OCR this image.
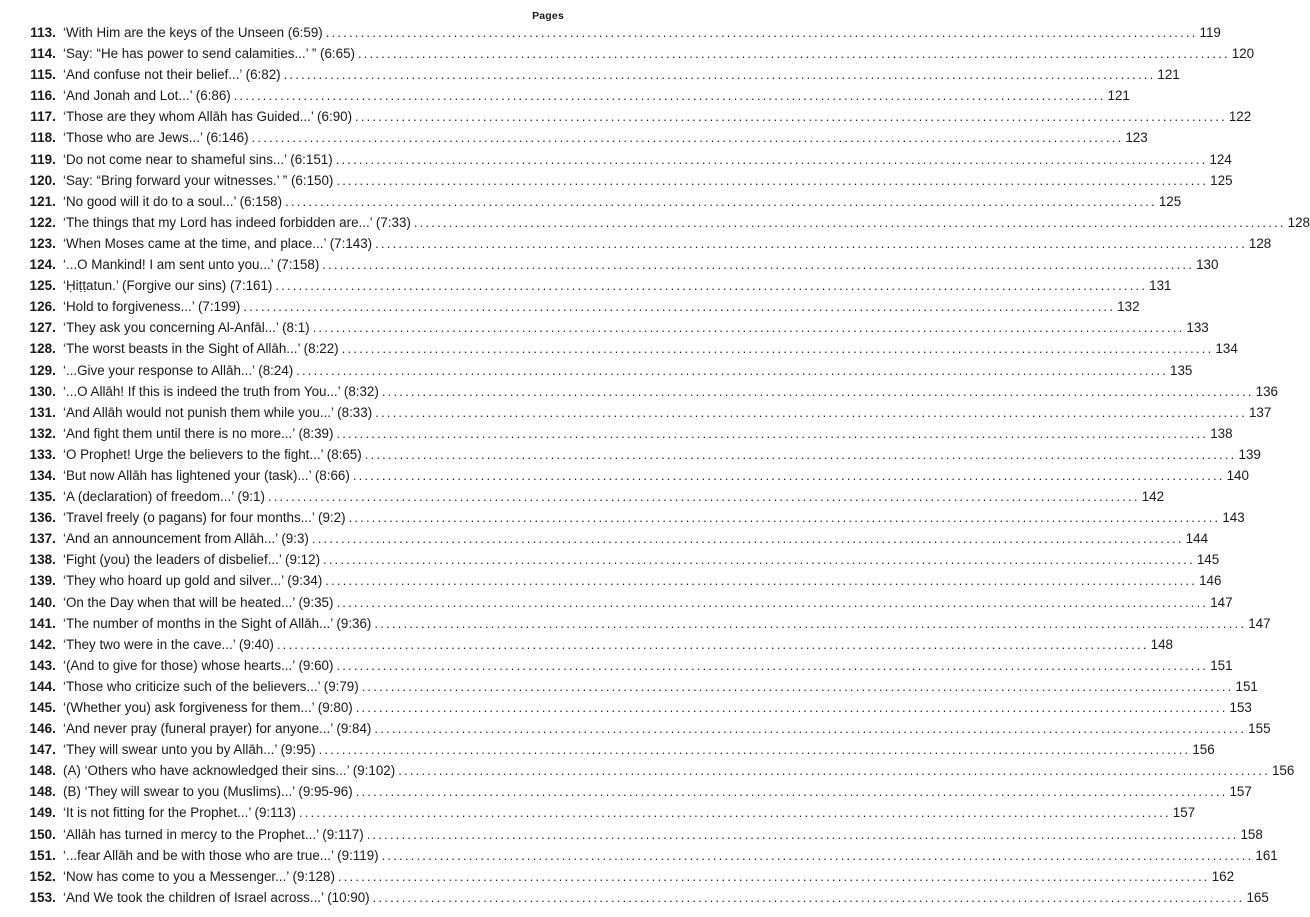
Pages
113. ‘With Him are the keys of the Unseen (6:59) ...................................................................................................................................................... 119
114. ‘Say: “He has power to send calamities...’ ” (6:65) ...................................................................................................................................................... 120
115. ‘And confuse not their belief...’ (6:82) ...................................................................................................................................................... 121
116. ‘And Jonah and Lot...’ (6:86) ...................................................................................................................................................... 121
117. ‘Those are they whom Allāh has Guided...’ (6:90) ...................................................................................................................................................... 122
118. ‘Those who are Jews...’ (6:146) ...................................................................................................................................................... 123
119. ‘Do not come near to shameful sins...’ (6:151) ...................................................................................................................................................... 124
120. ‘Say: “Bring forward your witnesses.’ ” (6:150) ...................................................................................................................................................... 125
121. ‘No good will it do to a soul...’ (6:158) ...................................................................................................................................................... 125
122. ‘The things that my Lord has indeed forbidden are...’ (7:33) ...................................................................................................................................................... 128
123. ‘When Moses came at the time, and place...’ (7:143) ...................................................................................................................................................... 128
124. ‘...O Mankind! I am sent unto you...’ (7:158) ...................................................................................................................................................... 130
125. ‘Ḥiṭṭatun.’ (Forgive our sins) (7:161) ...................................................................................................................................................... 131
126. ‘Hold to forgiveness...’ (7:199) ...................................................................................................................................................... 132
127. ‘They ask you concerning Al-Anfāl...’ (8:1) ...................................................................................................................................................... 133
128. ‘The worst beasts in the Sight of Allāh...’ (8:22) ...................................................................................................................................................... 134
129. ‘...Give your response to Allāh...’ (8:24) ...................................................................................................................................................... 135
130. ‘...O Allāh! If this is indeed the truth from You...’ (8:32) ...................................................................................................................................................... 136
131. ‘And Allāh would not punish them while you...’ (8:33) ...................................................................................................................................................... 137
132. ‘And fight them until there is no more...’ (8:39) ...................................................................................................................................................... 138
133. ‘O Prophet! Urge the believers to the fight...’ (8:65) ...................................................................................................................................................... 139
134. ‘But now Allāh has lightened your (task)...’ (8:66) ...................................................................................................................................................... 140
135. ‘A (declaration) of freedom...’ (9:1) ...................................................................................................................................................... 142
136. ‘Travel freely (o pagans) for four months...’ (9:2) ...................................................................................................................................................... 143
137. ‘And an announcement from Allāh...’ (9:3) ...................................................................................................................................................... 144
138. ‘Fight (you) the leaders of disbelief...’ (9:12) ...................................................................................................................................................... 145
139. ‘They who hoard up gold and silver...’ (9:34) ...................................................................................................................................................... 146
140. ‘On the Day when that will be heated...’ (9:35) ...................................................................................................................................................... 147
141. ‘The number of months in the Sight of Allāh...’ (9:36) ...................................................................................................................................................... 147
142. ‘They two were in the cave...’ (9:40) ...................................................................................................................................................... 148
143. ‘(And to give for those) whose hearts...’ (9:60) ...................................................................................................................................................... 151
144. ‘Those who criticize such of the believers...’ (9:79) ...................................................................................................................................................... 151
145. ‘(Whether you) ask forgiveness for them...’ (9:80) ...................................................................................................................................................... 153
146. ‘And never pray (funeral prayer) for anyone...’ (9:84) ...................................................................................................................................................... 155
147. ‘They will swear unto you by Allāh...’ (9:95) ...................................................................................................................................................... 156
148. (A) ‘Others who have acknowledged their sins...’ (9:102) ...................................................................................................................................................... 156
148. (B) ‘They will swear to you (Muslims)...’ (9:95-96) ...................................................................................................................................................... 157
149. ‘It is not fitting for the Prophet...’ (9:113) ...................................................................................................................................................... 157
150. ‘Allāh has turned in mercy to the Prophet...’ (9:117) ...................................................................................................................................................... 158
151. ‘...fear Allāh and be with those who are true...’ (9:119) ...................................................................................................................................................... 161
152. ‘Now has come to you a Messenger...’ (9:128) ...................................................................................................................................................... 162
153. ‘And We took the children of Israel across...’ (10:90) ...................................................................................................................................................... 165
